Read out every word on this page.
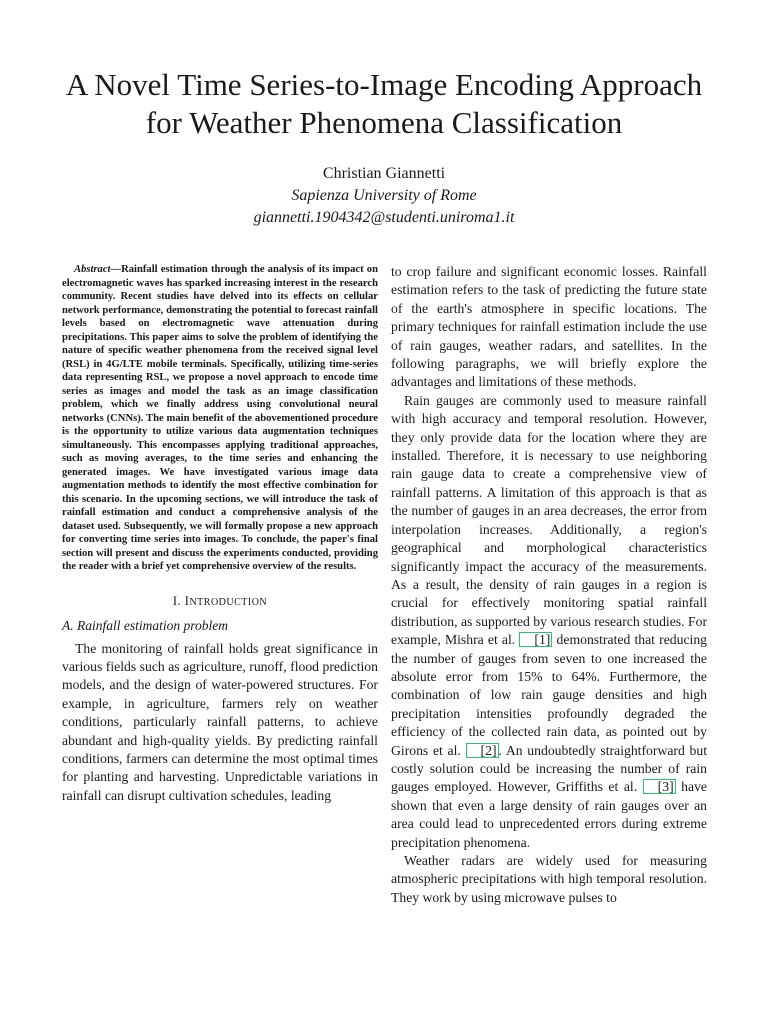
A Novel Time Series-to-Image Encoding Approach
for Weather Phenomena Classification
Christian Giannetti
Sapienza University of Rome
giannetti.1904342@studenti.uniroma1.it

Abstract—Rainfall estimation through the analysis of its impact on electromagnetic waves has sparked increasing interest in the research community. Recent studies have delved into its effects on cellular network performance, demonstrating the potential to forecast rainfall levels based on electromagnetic wave attenuation during precipitations. This paper aims to solve the problem of identifying the nature of specific weather phenomena from the received signal level (RSL) in 4G/LTE mobile terminals. Specifically, utilizing time-series data representing RSL, we propose a novel approach to encode time series as images and model the task as an image classification problem, which we finally address using convolutional neural networks (CNNs). The main benefit of the abovementioned procedure is the opportunity to utilize various data augmentation techniques simultaneously. This encompasses applying traditional approaches, such as moving averages, to the time series and enhancing the generated images. We have investigated various image data augmentation methods to identify the most effective combination for this scenario. In the upcoming sections, we will introduce the task of rainfall estimation and conduct a comprehensive analysis of the dataset used. Subsequently, we will formally propose a new approach for converting time series into images. To conclude, the paper's final section will present and discuss the experiments conducted, providing the reader with a brief yet comprehensive overview of the results.

I. INTRODUCTION
A. Rainfall estimation problem

The monitoring of rainfall holds great significance in various fields such as agriculture, runoff, flood prediction models, and the design of water-powered structures. For example, in agriculture, farmers rely on weather conditions, particularly rainfall patterns, to achieve abundant and high-quality yields. By predicting rainfall conditions, farmers can determine the most optimal times for planting and harvesting. Unpredictable variations in rainfall can disrupt cultivation schedules, leading

to crop failure and significant economic losses. Rainfall estimation refers to the task of predicting the future state of the earth's atmosphere in specific locations. The primary techniques for rainfall estimation include the use of rain gauges, weather radars, and satellites. In the following paragraphs, we will briefly explore the advantages and limitations of these methods.

Rain gauges are commonly used to measure rainfall with high accuracy and temporal resolution. However, they only provide data for the location where they are installed. Therefore, it is necessary to use neighboring rain gauge data to create a comprehensive view of rainfall patterns. A limitation of this approach is that as the number of gauges in an area decreases, the error from interpolation increases. Additionally, a region's geographical and morphological characteristics significantly impact the accuracy of the measurements. As a result, the density of rain gauges in a region is crucial for effectively monitoring spatial rainfall distribution, as supported by various research studies. For example, Mishra et al. [1] demonstrated that reducing the number of gauges from seven to one increased the absolute error from 15% to 64%. Furthermore, the combination of low rain gauge densities and high precipitation intensities profoundly degraded the efficiency of the collected rain data, as pointed out by Girons et al. [2] . An undoubtedly straightforward but costly solution could be increasing the number of rain gauges employed. However, Griffiths et al. [3] have shown that even a large density of rain gauges over an area could lead to unprecedented errors during extreme precipitation phenomena.

Weather radars are widely used for measuring atmospheric precipitations with high temporal resolution. They work by using microwave pulses to
